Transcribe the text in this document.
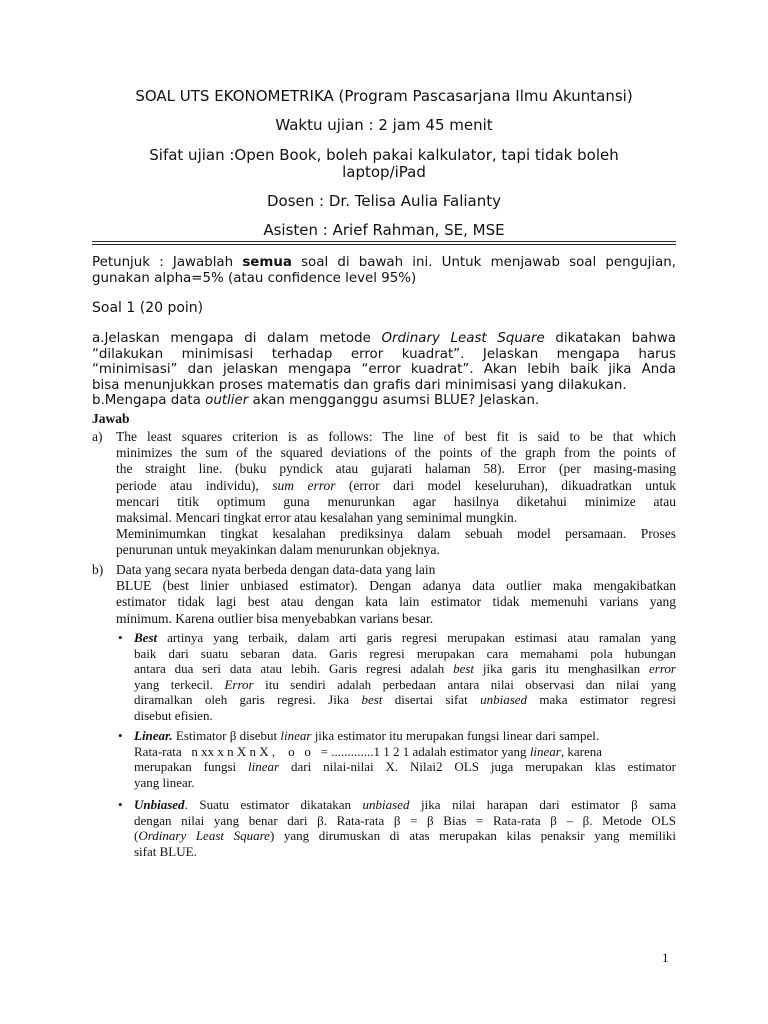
SOAL UTS EKONOMETRIKA (Program Pascasarjana Ilmu Akuntansi)
Waktu ujian : 2 jam 45 menit
Sifat ujian :Open Book, boleh pakai kalkulator, tapi tidak boleh
laptop/iPad
Dosen : Dr. Telisa Aulia Falianty
Asisten : Arief Rahman, SE, MSE
Petunjuk : Jawablah semua soal di bawah ini. Untuk menjawab soal pengujian,
gunakan alpha=5% (atau confidence level 95%)
Soal 1 (20 poin)
a.Jelaskan mengapa di dalam metode Ordinary Least Square dikatakan bahwa
“dilakukan minimisasi terhadap error kuadrat”. Jelaskan mengapa harus
“minimisasi” dan jelaskan mengapa “error kuadrat”. Akan lebih baik jika Anda
bisa menunjukkan proses matematis dan grafis dari minimisasi yang dilakukan.
b.Mengapa data outlier akan mengganggu asumsi BLUE? Jelaskan.
Jawab
a) The least squares criterion is as follows: The line of best fit is said to be that which
minimizes the sum of the squared deviations of the points of the graph from the points of
the straight line. (buku pyndick atau gujarati halaman 58). Error (per masing-masing
periode atau individu), sum error (error dari model keseluruhan), dikuadratkan untuk
mencari titik optimum guna menurunkan agar hasilnya diketahui minimize atau
maksimal. Mencari tingkat error atau kesalahan yang seminimal mungkin.
Meminimumkan tingkat kesalahan prediksinya dalam sebuah model persamaan. Proses
penurunan untuk meyakinkan dalam menurunkan objeknya.
b) Data yang secara nyata berbeda dengan data-data yang lain
BLUE (best linier unbiased estimator). Dengan adanya data outlier maka mengakibatkan
estimator tidak lagi best atau dengan kata lain estimator tidak memenuhi varians yang
minimum. Karena outlier bisa menyebabkan varians besar.
• Best artinya yang terbaik, dalam arti garis regresi merupakan estimasi atau ramalan yang
baik dari suatu sebaran data. Garis regresi merupakan cara memahami pola hubungan
antara dua seri data atau lebih. Garis regresi adalah best jika garis itu menghasilkan error
yang terkecil. Error itu sendiri adalah perbedaan antara nilai observasi dan nilai yang
diramalkan oleh garis regresi. Jika best disertai sifat unbiased maka estimator regresi
disebut efisien.
• Linear. Estimator β disebut linear jika estimator itu merupakan fungsi linear dari sampel.
Rata-rata   n xx x n X n X ,    ο   ο   = .............1 1 2 1 adalah estimator yang linear, karena
merupakan fungsi linear dari nilai-nilai X. Nilai2 OLS juga merupakan klas estimator
yang linear.
• Unbiased. Suatu estimator dikatakan unbiased jika nilai harapan dari estimator β sama
dengan nilai yang benar dari β. Rata-rata β = β Bias = Rata-rata β – β. Metode OLS
(Ordinary Least Square) yang dirumuskan di atas merupakan kilas penaksir yang memiliki
sifat BLUE.
1
